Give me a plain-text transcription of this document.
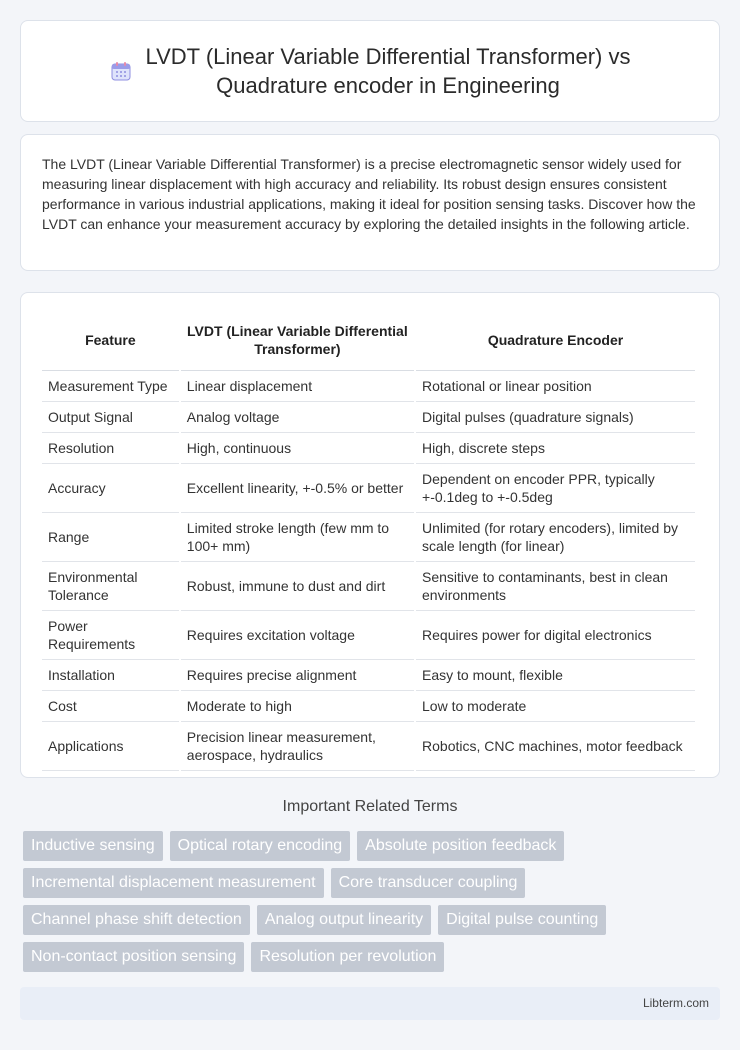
LVDT (Linear Variable Differential Transformer) vs
Quadrature encoder in Engineering

The LVDT (Linear Variable Differential Transformer) is a precise electromagnetic sensor widely used for measuring linear displacement with high accuracy and reliability. Its robust design ensures consistent performance in various industrial applications, making it ideal for position sensing tasks. Discover how the LVDT can enhance your measurement accuracy by exploring the detailed insights in the following article.

Feature	LVDT (Linear Variable Differential Transformer)	Quadrature Encoder
Measurement Type	Linear displacement	Rotational or linear position
Output Signal	Analog voltage	Digital pulses (quadrature signals)
Resolution	High, continuous	High, discrete steps
Accuracy	Excellent linearity, +-0.5% or better	Dependent on encoder PPR, typically +-0.1deg to +-0.5deg
Range	Limited stroke length (few mm to 100+ mm)	Unlimited (for rotary encoders), limited by scale length (for linear)
Environmental Tolerance	Robust, immune to dust and dirt	Sensitive to contaminants, best in clean environments
Power Requirements	Requires excitation voltage	Requires power for digital electronics
Installation	Requires precise alignment	Easy to mount, flexible
Cost	Moderate to high	Low to moderate
Applications	Precision linear measurement, aerospace, hydraulics	Robotics, CNC machines, motor feedback
Important Related Terms
Inductive sensing	Optical rotary encoding	Absolute position feedback
Incremental displacement measurement	Core transducer coupling
Channel phase shift detection	Analog output linearity	Digital pulse counting
Non-contact position sensing	Resolution per revolution
Libterm.com
